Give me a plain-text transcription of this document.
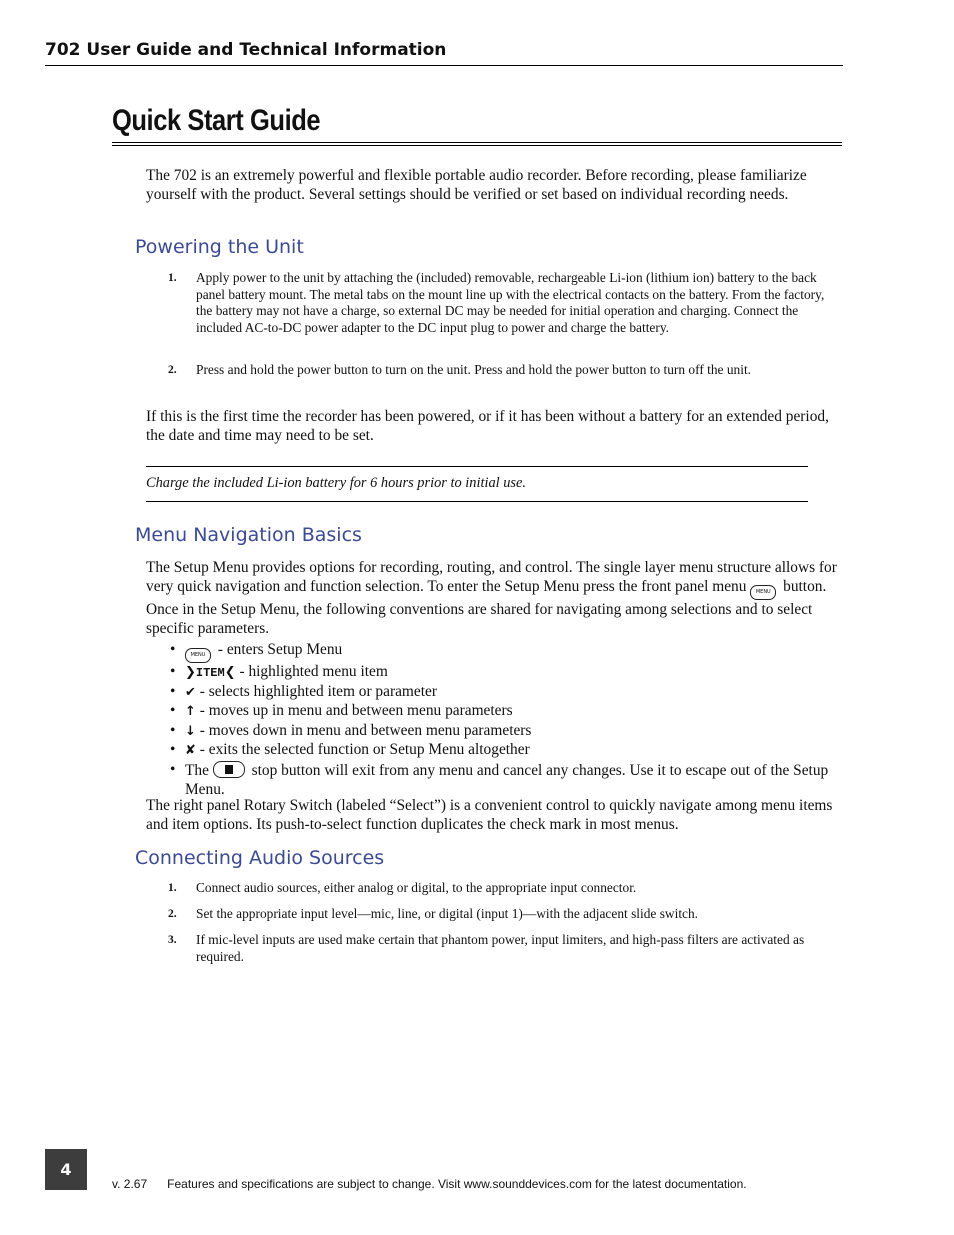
702 User Guide and Technical Information
Quick Start Guide

The 702 is an extremely powerful and flexible portable audio recorder. Before recording, please familiarize yourself with the product. Several settings should be verified or set based on individual recording needs.

Powering the Unit
1. Apply power to the unit by attaching the (included) removable, rechargeable Li-ion (lithium ion) battery to the back panel battery mount. The metal tabs on the mount line up with the electrical contacts on the battery. From the factory, the battery may not have a charge, so external DC may be needed for initial operation and charging. Connect the included AC-to-DC power adapter to the DC input plug to power and charge the battery.
2. Press and hold the power button to turn on the unit. Press and hold the power button to turn off the unit.

If this is the first time the recorder has been powered, or if it has been without a battery for an extended period, the date and time may need to be set.

Charge the included Li-ion battery for 6 hours prior to initial use.
Menu Navigation Basics

The Setup Menu provides options for recording, routing, and control. The single layer menu structure allows for very quick navigation and function selection. To enter the Setup Menu press the front panel menu MENU button. Once in the Setup Menu, the following conventions are shared for navigating among selections and to select specific parameters.

•	MENU - enters Setup Menu
• ❯ITEM❮ - highlighted menu item
• ✔ - selects highlighted item or parameter
• ↑ - moves up in menu and between menu parameters
• ↓ - moves down in menu and between menu parameters
• ✘ - exits the selected function or Setup Menu altogether
• The	stop button will exit from any menu and cancel any changes. Use it to escape out of the Setup Menu.

The right panel Rotary Switch (labeled “Select”) is a convenient control to quickly navigate among menu items and item options. Its push-to-select function duplicates the check mark in most menus.

Connecting Audio Sources
1. Connect audio sources, either analog or digital, to the appropriate input connector.
2. Set the appropriate input level—mic, line, or digital (input 1)—with the adjacent slide switch.
3. If mic-level inputs are used make certain that phantom power, input limiters, and high-pass filters are activated as required.
4
v. 2.67 Features and specifications are subject to change. Visit www.sounddevices.com for the latest documentation.
